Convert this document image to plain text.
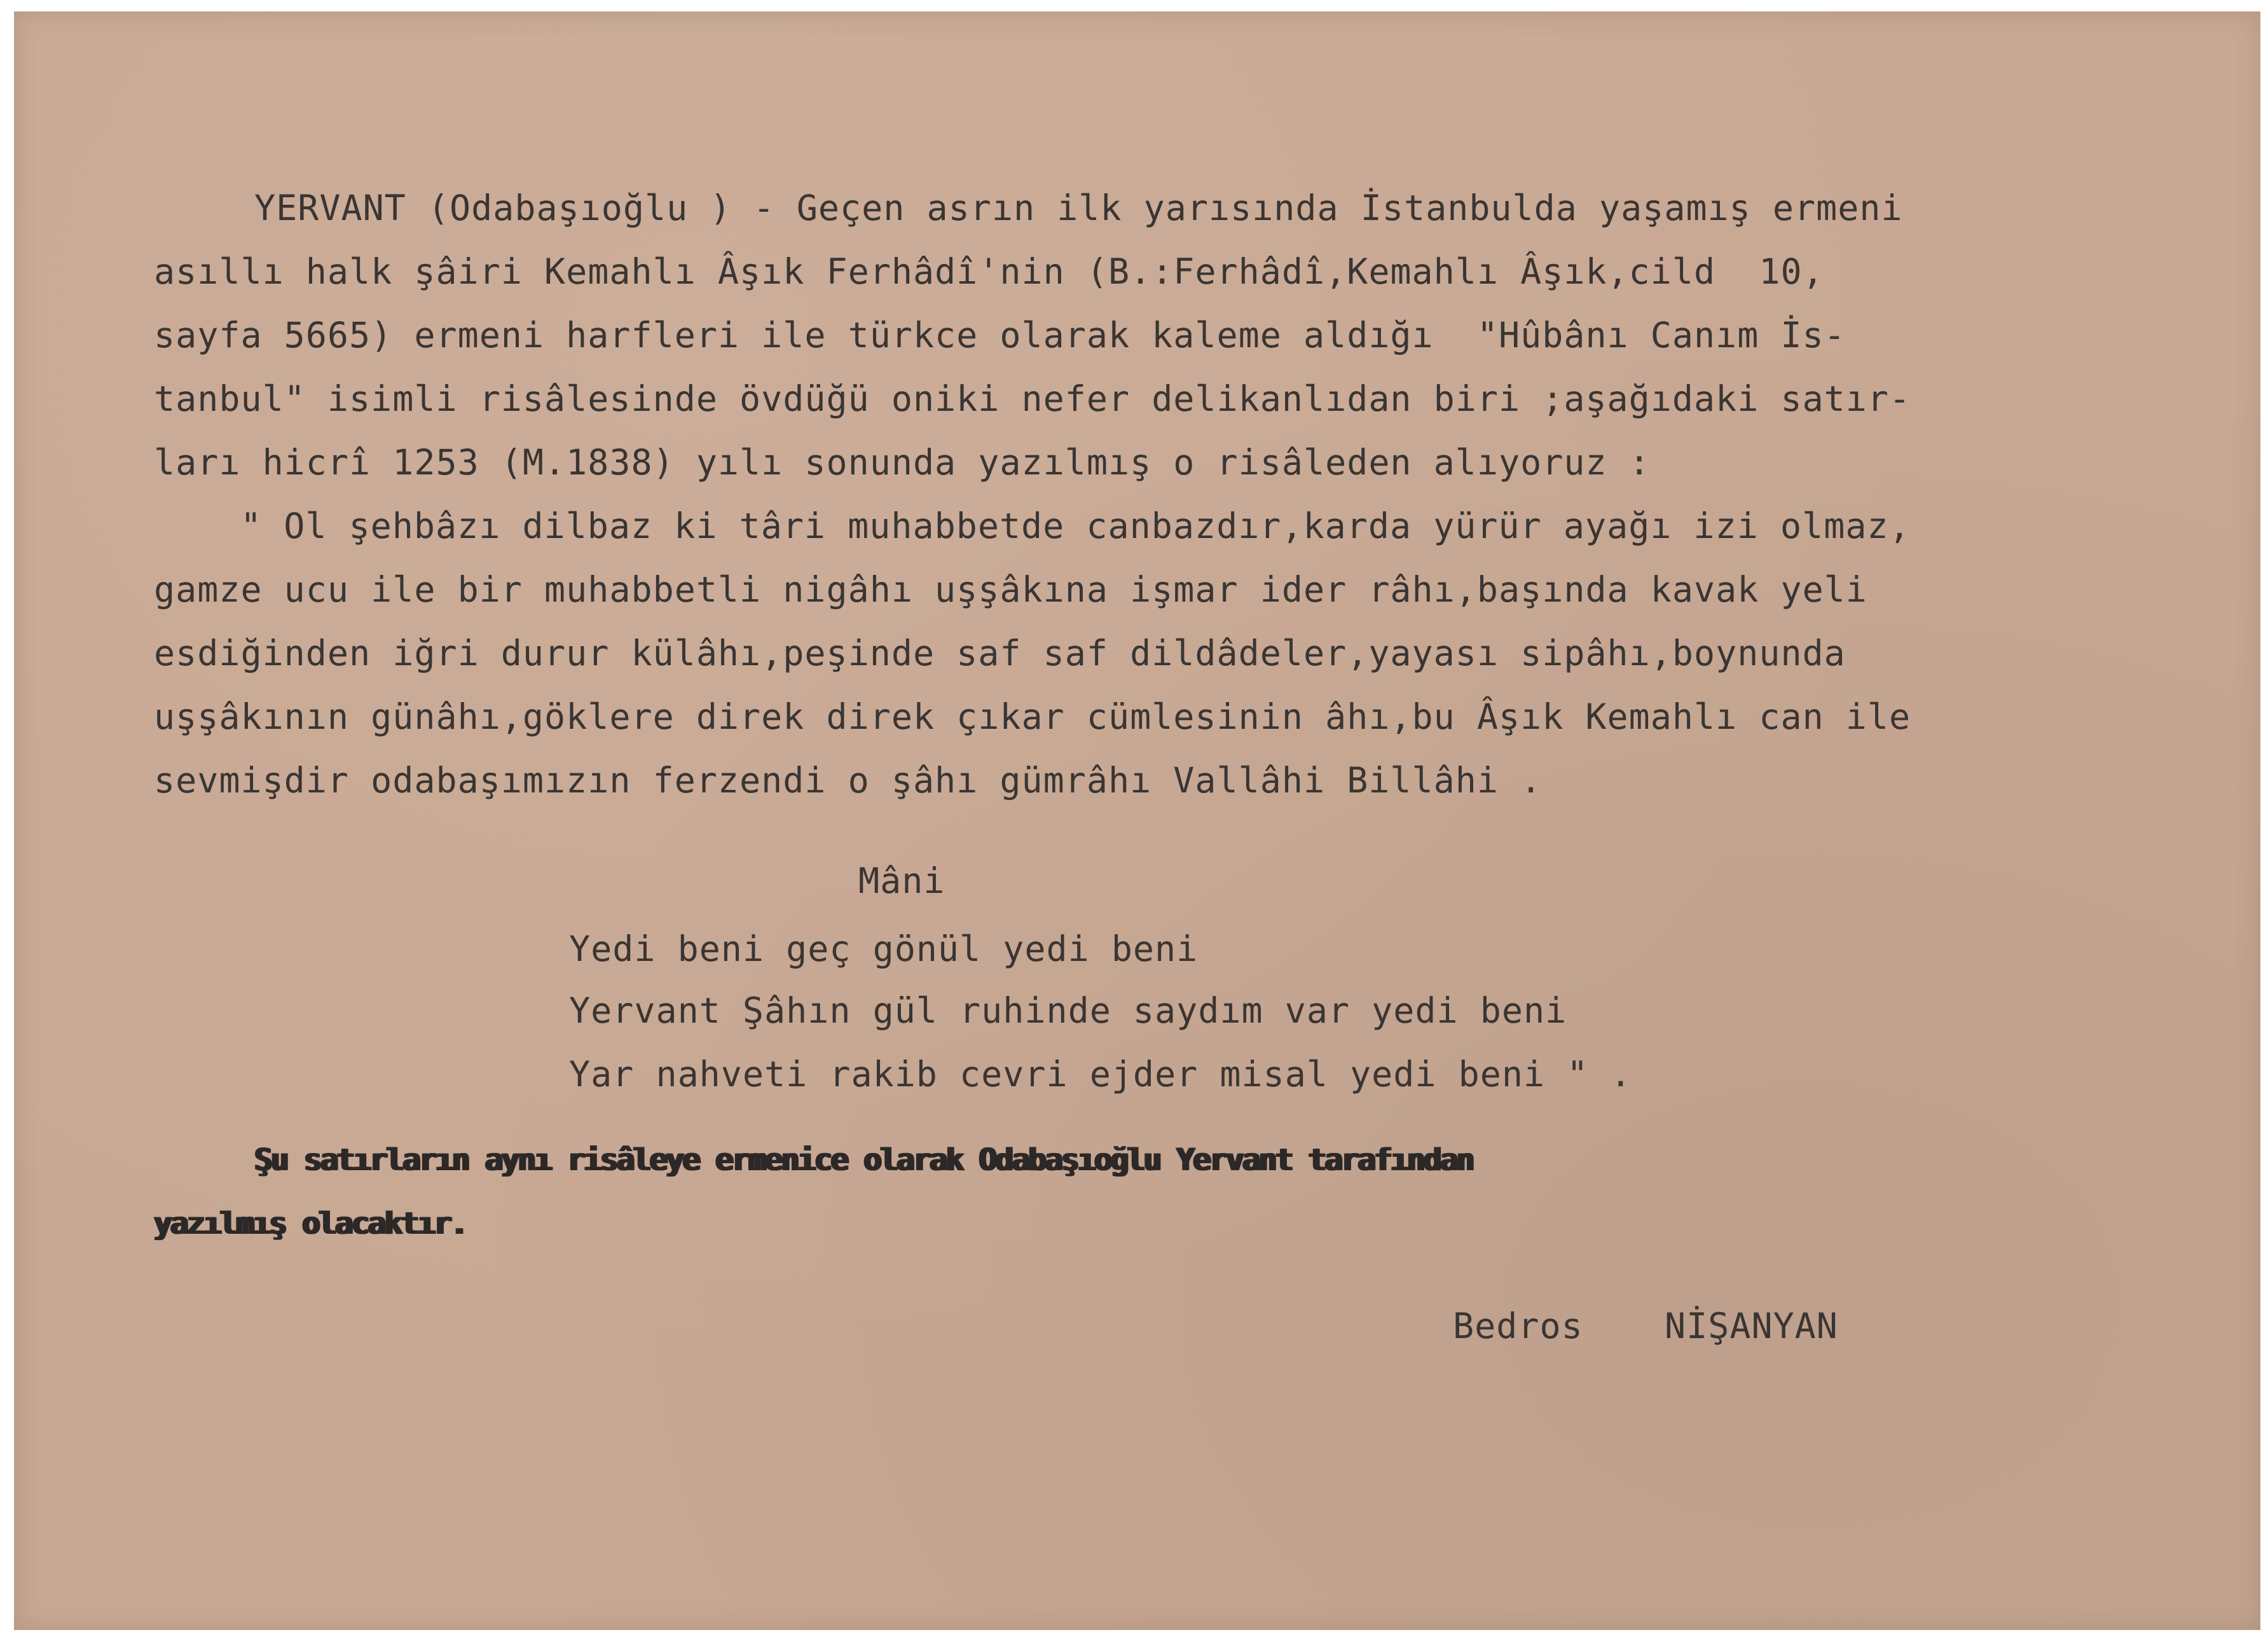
YERVANT (Odabaşıoğlu ) - Geçen asrın ilk yarısında İstanbulda yaşamış ermeni
asıllı halk şâiri Kemahlı Âşık Ferhâdî'nin (B.:Ferhâdî,Kemahlı Âşık,cild  10,
sayfa 5665) ermeni harfleri ile türkce olarak kaleme aldığı  "Hûbânı Canım İs-
tanbul" isimli risâlesinde övdüğü oniki nefer delikanlıdan biri ;aşağıdaki satır-
ları hicrî 1253 (M.1838) yılı sonunda yazılmış o risâleden alıyoruz :
" Ol şehbâzı dilbaz ki târi muhabbetde canbazdır,karda yürür ayağı izi olmaz,
gamze ucu ile bir muhabbetli nigâhı uşşâkına işmar ider râhı,başında kavak yeli
esdiğinden iğri durur külâhı,peşinde saf saf dildâdeler,yayası sipâhı,boynunda
uşşâkının günâhı,göklere direk direk çıkar cümlesinin âhı,bu Âşık Kemahlı can ile
sevmişdir odabaşımızın ferzendi o şâhı gümrâhı Vallâhi Billâhi .
Mâni
Yedi beni geç gönül yedi beni
Yervant Şâhın gül ruhinde saydım var yedi beni
Yar nahveti rakib cevri ejder misal yedi beni " .
Şu satırların aynı risâleye ermenice olarak Odabaşıoğlu Yervant tarafından
yazılmış olacaktır.
Bedros NİŞANYAN
